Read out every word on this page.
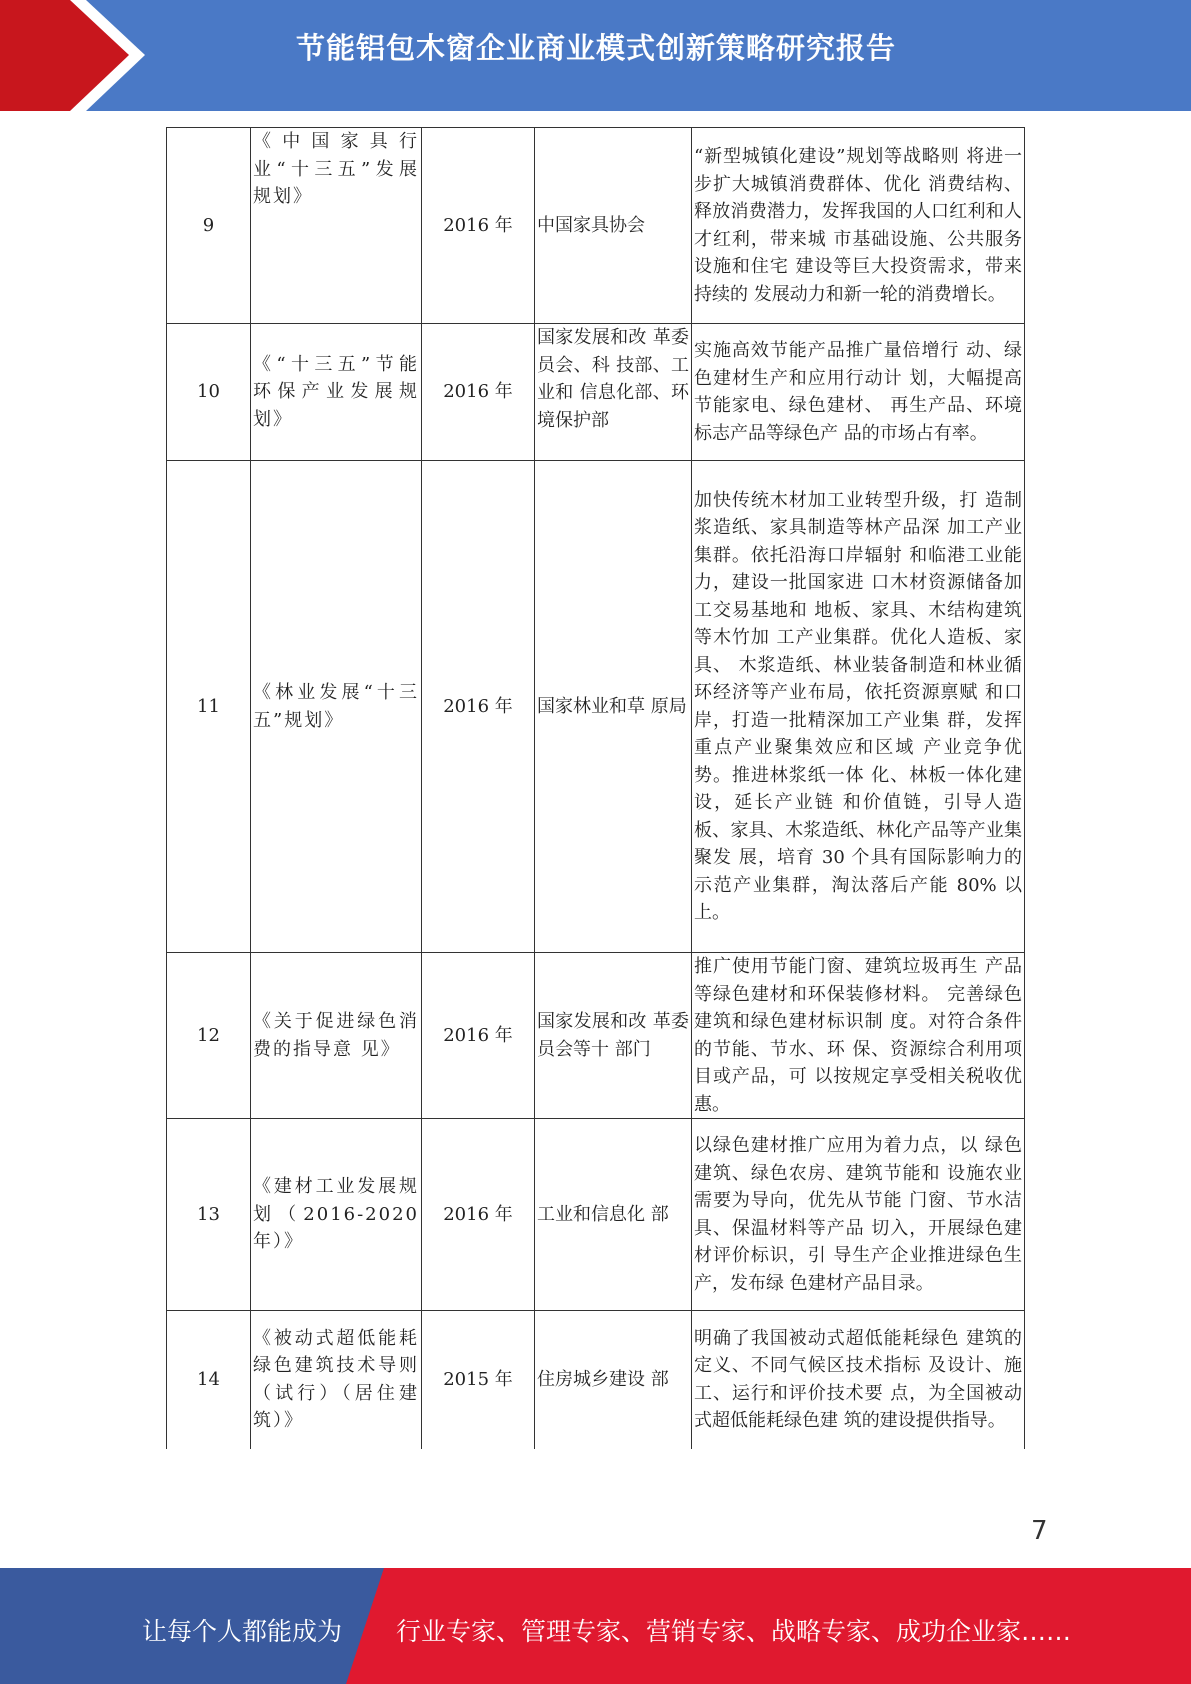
节能铝包木窗企业商业模式创新策略研究报告
9	《中国家具行业“十三五”发展 规划》	2016 年	中国家具协会	“新型城镇化建设”规划等战略则 将进一步扩大城镇消费群体、优化 消费结构、释放消费潜力，发挥我国的人口红利和人才红利，带来城 市基础设施、公共服务设施和住宅 建设等巨大投资需求，带来持续的 发展动力和新一轮的消费增长。
10	《“十三五”节能 环保产业发展规 划》	2016 年	国家发展和改 革委员会、科 技部、工业和 信息化部、环 境保护部	实施高效节能产品推广量倍增行 动、绿色建材生产和应用行动计 划，大幅提高节能家电、绿色建材、 再生产品、环境标志产品等绿色产 品的市场占有率。
11	《林业发展“十三五”规划》	2016 年	国家林业和草 原局	加快传统木材加工业转型升级，打 造制浆造纸、家具制造等林产品深 加工产业集群。依托沿海口岸辐射 和临港工业能力，建设一批国家进 口木材资源储备加工交易基地和 地板、家具、木结构建筑等木竹加 工产业集群。优化人造板、家具、 木浆造纸、林业装备制造和林业循 环经济等产业布局，依托资源禀赋 和口岸，打造一批精深加工产业集 群，发挥重点产业聚集效应和区域 产业竞争优势。推进林浆纸一体 化、林板一体化建设，延长产业链 和价值链，引导人造板、家具、木浆造纸、林化产品等产业集聚发 展，培育 30 个具有国际影响力的 示范产业集群，淘汰落后产能 80% 以上。
12	《关于促进绿色消费的指导意 见》	2016 年	国家发展和改 革委员会等十 部门	推广使用节能门窗、建筑垃圾再生 产品等绿色建材和环保装修材料。 完善绿色建筑和绿色建材标识制 度。对符合条件的节能、节水、环 保、资源综合利用项目或产品，可 以按规定享受相关税收优惠。
13	《建材工业发展规划（2016-2020 年）》	2016 年	工业和信息化 部	以绿色建材推广应用为着力点，以 绿色建筑、绿色农房、建筑节能和 设施农业需要为导向，优先从节能 门窗、节水洁具、保温材料等产品 切入，开展绿色建材评价标识，引 导生产企业推进绿色生产，发布绿 色建材产品目录。
14	《被动式超低能耗绿色建筑技术导则（试行）（居住建筑）》	2015 年	住房城乡建设 部	明确了我国被动式超低能耗绿色 建筑的定义、不同气候区技术指标 及设计、施工、运行和评价技术要 点，为全国被动式超低能耗绿色建 筑的建设提供指导。
7
让每个人都能成为 行业专家、管理专家、营销专家、战略专家、成功企业家……
